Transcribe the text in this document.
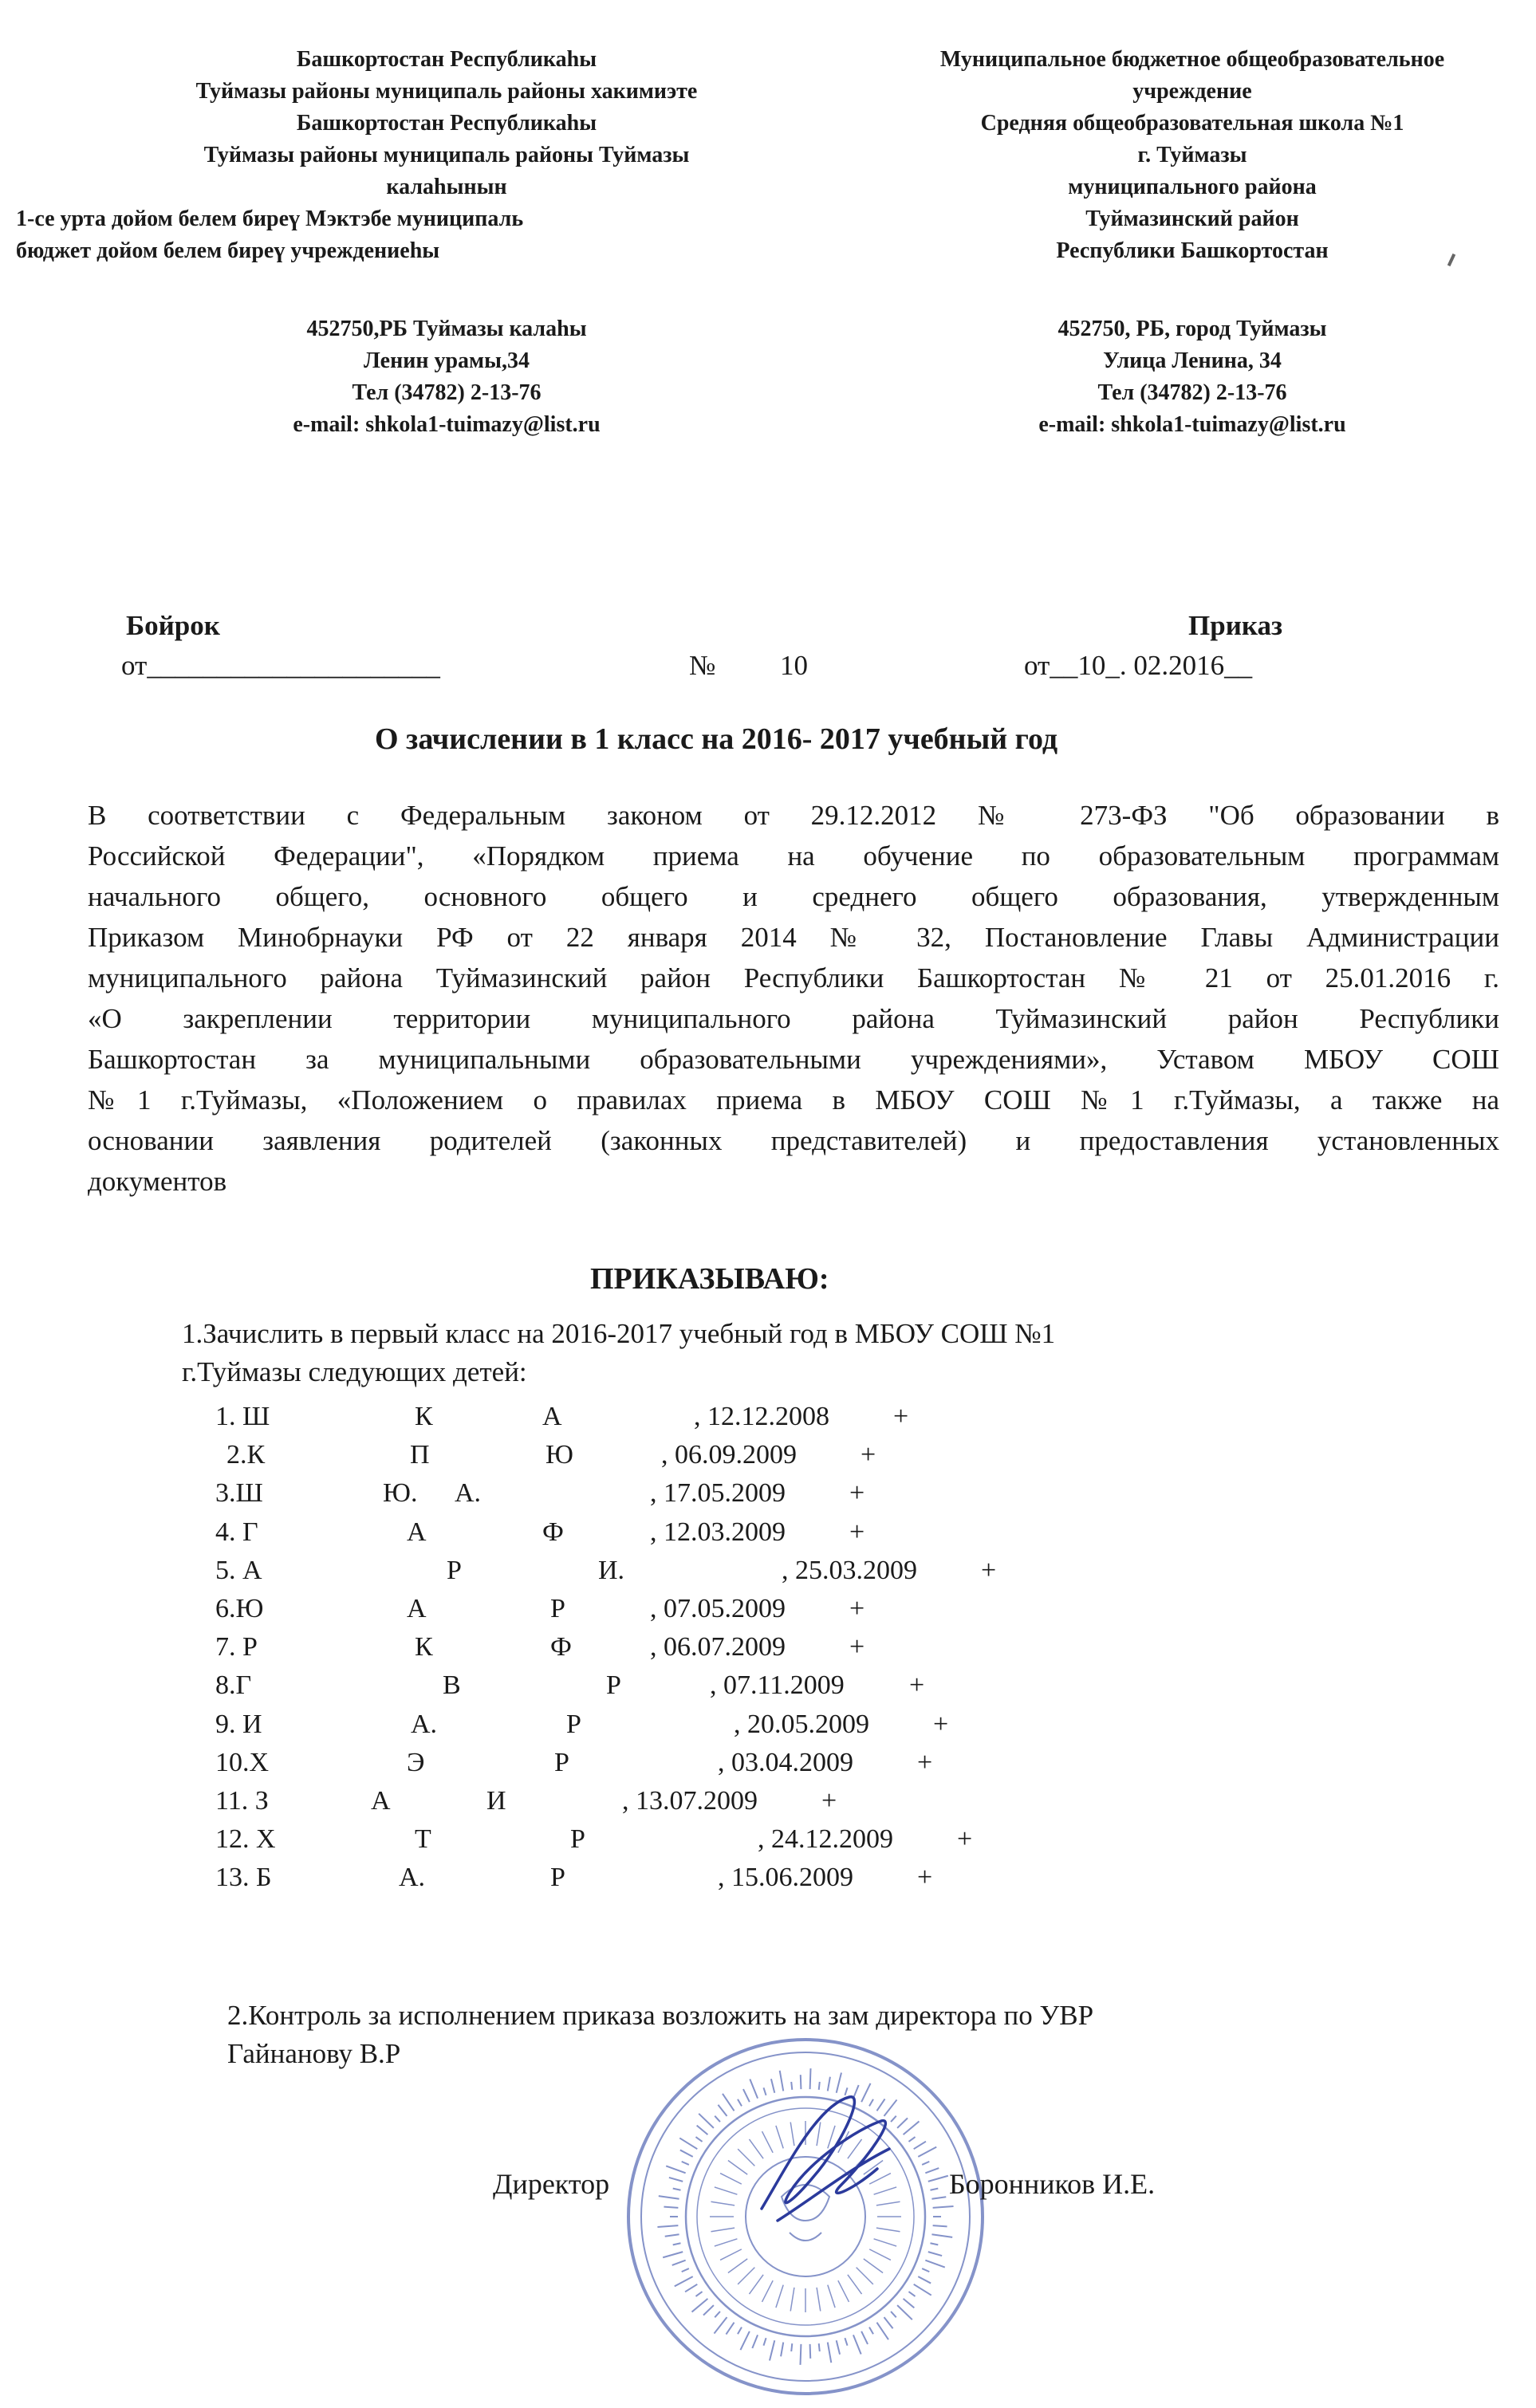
Башкортостан Республикаһы
Туймазы районы муниципаль районы хакимиэте
Башкортостан Республикаһы
Туймазы районы муниципаль районы Туймазы
калаһынын
1-се урта дойом белем биреү Мэктэбе муниципаль
бюджет дойом белем бирeү учреждениеһы
452750,РБ Туймазы калаһы
Ленин урамы,34
Тел (34782) 2-13-76
e-mail: shkola1-tuimazy@list.ru
Муниципальное бюджетное общеобразовательное
учреждение
Средняя общеобразовательная школа №1
г. Туймазы
муниципального района
Туймазинский район
Республики Башкортостан
452750, РБ, город Туймазы
Улица Ленина, 34
Тел (34782) 2-13-76
e-mail: shkola1-tuimazy@list.ru
Бойрок	Приказ
от_____________________	№ 10	от__10_. 02.2016__
О зачислении в 1 класс на 2016- 2017 учебный год
В соответствии с Федеральным законом от 29.12.2012 № 273-ФЗ "Об образовании в
Российской Федерации", «Порядком приема на обучение по образовательным программам
начального общего, основного общего и среднего общего образования, утвержденным
Приказом Минобрнауки РФ от 22 января 2014 № 32, Постановление Главы Администрации
муниципального района Туймазинский район Республики Башкортостан № 21 от 25.01.2016 г.
«О закреплении территории муниципального района Туймазинский район Республики
Башкортостан за муниципальными образовательными учреждениями», Уставом МБОУ СОШ
№1 г.Туймазы, «Положением о правилах приема в МБОУ СОШ №1 г.Туймазы, а также на
основании заявления родителей (законных представителей) и предоставления установленных
документов
ПРИКАЗЫВАЮ:
1.Зачислить в первый класс на 2016-2017 учебный год в МБОУ СОШ №1
г.Туймазы следующих детей:
1. Ш	К	А	, 12.12.2008 +
2.К	П	Ю	, 06.09.2009 +
3.Ш	Ю. А.	, 17.05.2009 +
4. Г	А	Ф	, 12.03.2009 +
5. А	Р	И.	, 25.03.2009 +
6.Ю	А	Р	, 07.05.2009 +
7. Р	К	Ф	, 06.07.2009 +
8.Г	В	Р	, 07.11.2009 +
9. И	А.	Р	, 20.05.2009 +
10.Х	Э	Р	, 03.04.2009 +
11. З	А	И	, 13.07.2009 +
12. Х	Т	Р	, 24.12.2009 +
13. Б	А.	Р	, 15.06.2009 +
2.Контроль за исполнением приказа возложить на зам директора по УВР
Гайнанову В.Р
Директор	Боронников И.Е.
